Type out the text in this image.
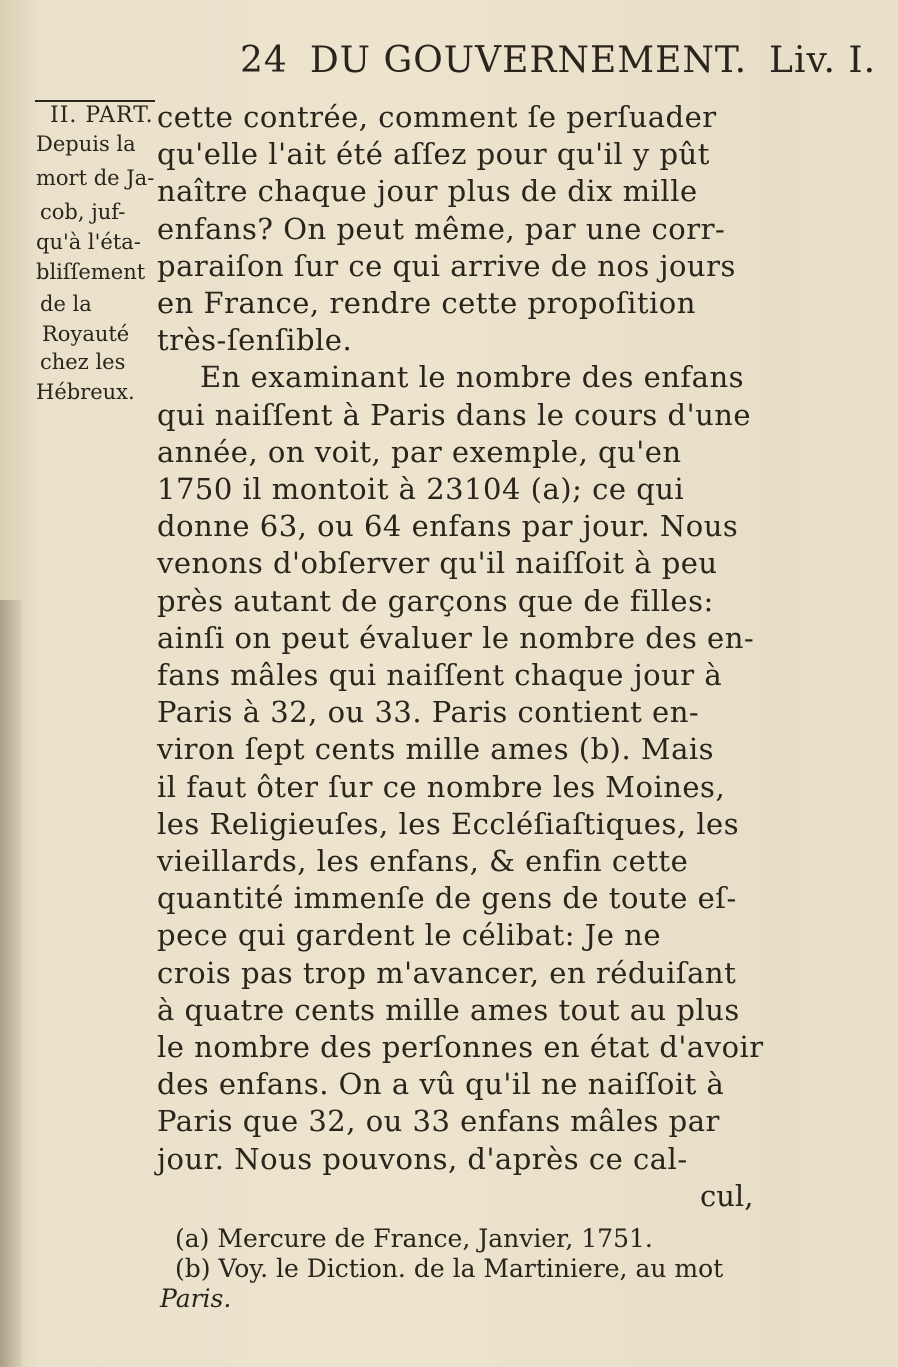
24 DU GOUVERNEMENT. Liv. I.
II. PART.
Depuis la
mort de Ja-
cob, juf-
qu'à l'éta-
bliſſement
de la
Royauté
chez les
Hébreux.
cette contrée, comment ſe perſuader
qu'elle l'ait été aſſez pour qu'il y pût
naître chaque jour plus de dix mille
enfans? On peut même, par une corr-
paraiſon ſur ce qui arrive de nos jours
en France, rendre cette propoſition
très-ſenſible.
En examinant le nombre des enfans
qui naiſſent à Paris dans le cours d'une
année, on voit, par exemple, qu'en
1750 il montoit à 23104 (a); ce qui
donne 63, ou 64 enfans par jour. Nous
venons d'obſerver qu'il naiſſoit à peu
près autant de garçons que de filles:
ainſi on peut évaluer le nombre des en-
fans mâles qui naiſſent chaque jour à
Paris à 32, ou 33. Paris contient en-
viron ſept cents mille ames (b). Mais
il faut ôter ſur ce nombre les Moines,
les Religieuſes, les Eccléſiaſtiques, les
vieillards, les enfans, & enfin cette
quantité immenſe de gens de toute eſ-
pece qui gardent le célibat: Je ne
crois pas trop m'avancer, en réduiſant
à quatre cents mille ames tout au plus
le nombre des perſonnes en état d'avoir
des enfans. On a vû qu'il ne naiſſoit à
Paris que 32, ou 33 enfans mâles par
jour. Nous pouvons, d'après ce cal-
cul,
(a) Mercure de France, Janvier, 1751.
(b) Voy. le Diction. de la Martiniere, au mot
Paris.
